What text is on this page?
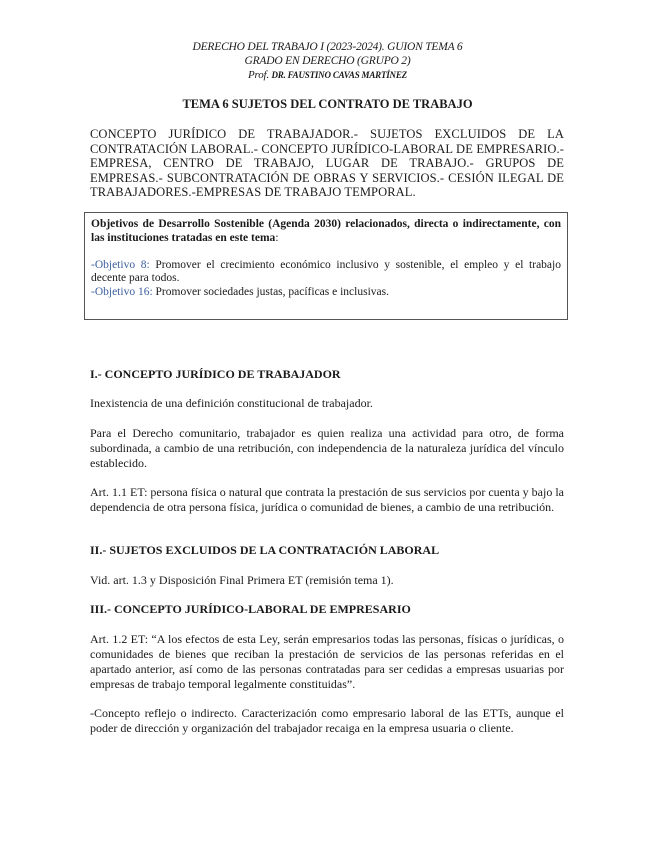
DERECHO DEL TRABAJO I (2023-2024). GUION TEMA 6
GRADO EN DERECHO (GRUPO 2)
Prof. DR. FAUSTINO CAVAS MARTÍNEZ
TEMA 6 SUJETOS DEL CONTRATO DE TRABAJO
CONCEPTO JURÍDICO DE TRABAJADOR.- SUJETOS EXCLUIDOS DE LA CONTRATACIÓN LABORAL.- CONCEPTO JURÍDICO-LABORAL DE EMPRESARIO.- EMPRESA, CENTRO DE TRABAJO, LUGAR DE TRABAJO.- GRUPOS DE EMPRESAS.- SUBCONTRATACIÓN DE OBRAS Y SERVICIOS.- CESIÓN ILEGAL DE TRABAJADORES.-EMPRESAS DE TRABAJO TEMPORAL.
Objetivos de Desarrollo Sostenible (Agenda 2030) relacionados, directa o indirectamente, con las instituciones tratadas en este tema:

-Objetivo 8: Promover el crecimiento económico inclusivo y sostenible, el empleo y el trabajo decente para todos.

-Objetivo 16: Promover sociedades justas, pacíficas e inclusivas.

I.- CONCEPTO JURÍDICO DE TRABAJADOR
Inexistencia de una definición constitucional de trabajador.
Para el Derecho comunitario, trabajador es quien realiza una actividad para otro, de forma subordinada, a cambio de una retribución, con independencia de la naturaleza jurídica del vínculo establecido.
Art. 1.1 ET: persona física o natural que contrata la prestación de sus servicios por cuenta y bajo la dependencia de otra persona física, jurídica o comunidad de bienes, a cambio de una retribución.
II.- SUJETOS EXCLUIDOS DE LA CONTRATACIÓN LABORAL
Vid. art. 1.3 y Disposición Final Primera ET (remisión tema 1).
III.- CONCEPTO JURÍDICO-LABORAL DE EMPRESARIO
Art. 1.2 ET: “A los efectos de esta Ley, serán empresarios todas las personas, físicas o jurídicas, o comunidades de bienes que reciban la prestación de servicios de las personas referidas en el apartado anterior, así como de las personas contratadas para ser cedidas a empresas usuarias por empresas de trabajo temporal legalmente constituidas”.
-Concepto reflejo o indirecto. Caracterización como empresario laboral de las ETTs, aunque el poder de dirección y organización del trabajador recaiga en la empresa usuaria o cliente.
